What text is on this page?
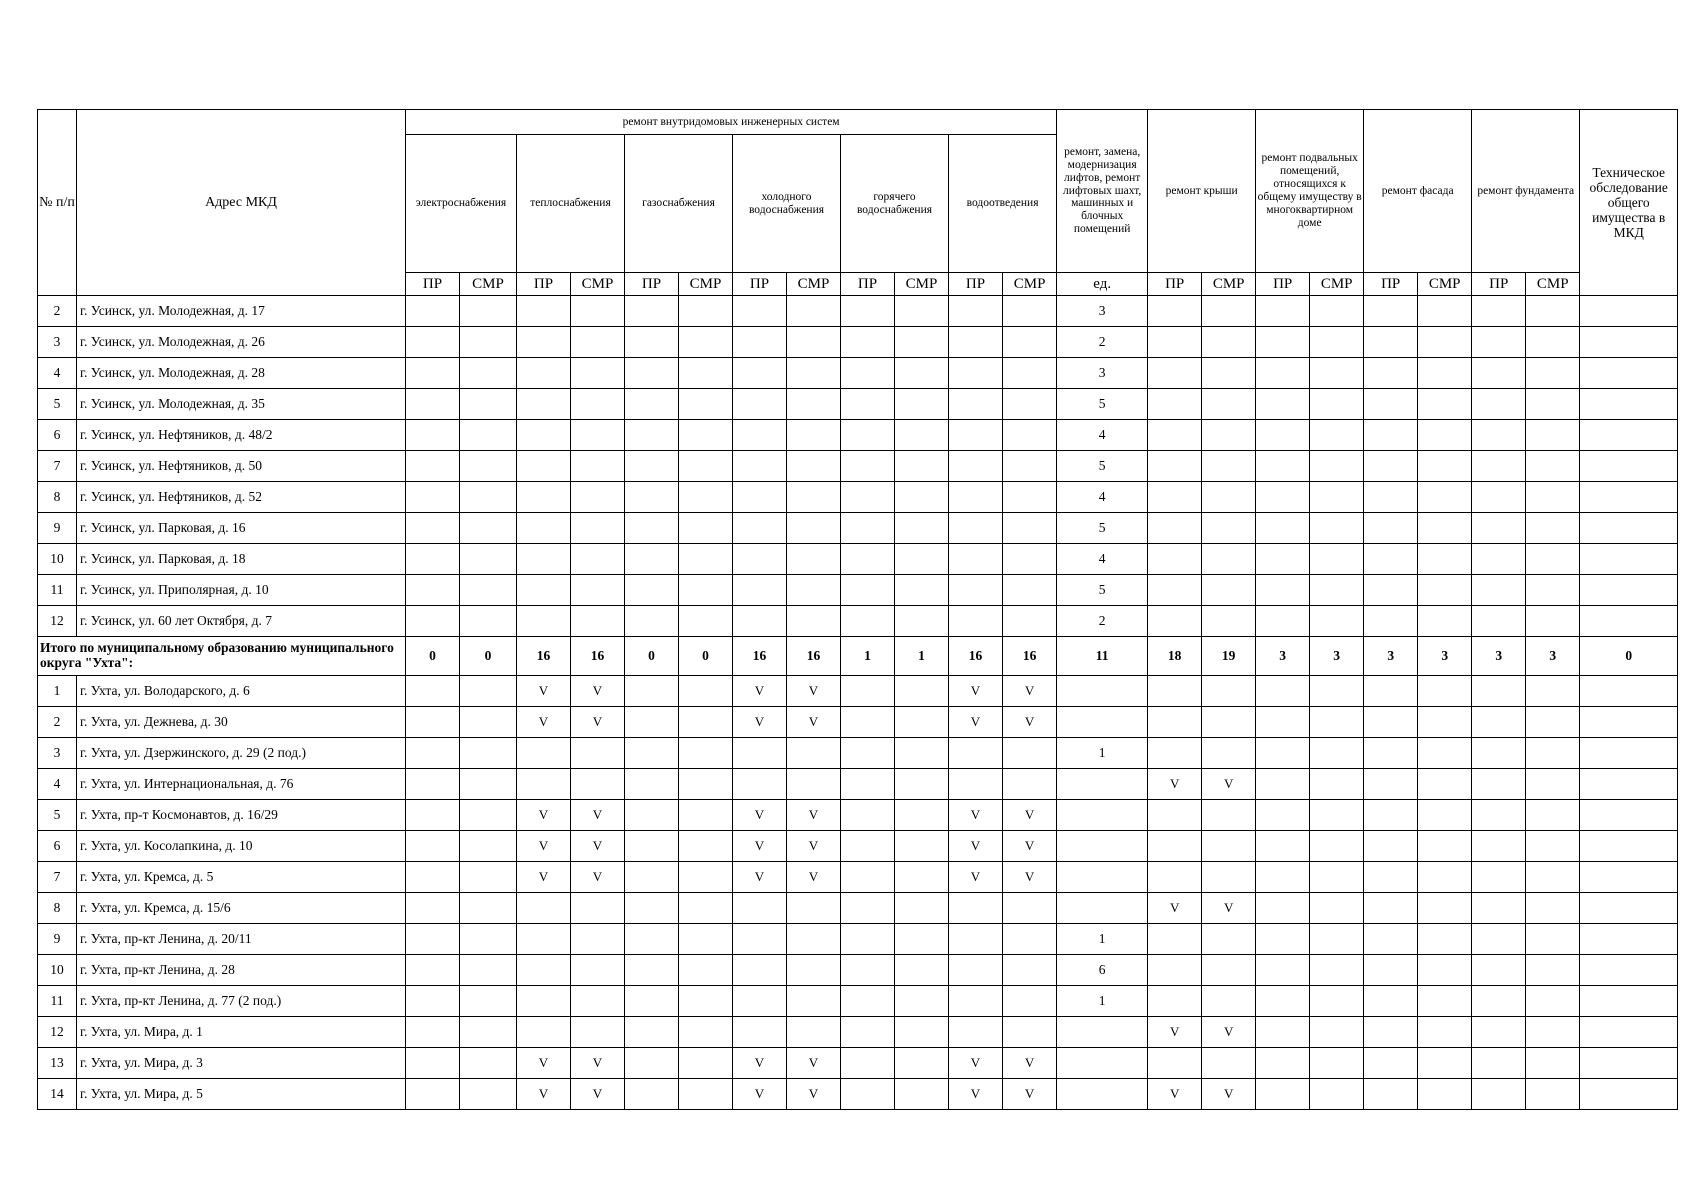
№ п/п	Адрес МКД	ремонт внутридомовых инженерных систем												ремонт, замена, модернизация лифтов, ремонт лифтовых шахт, машинных и блочных помещений	ремонт крыши		ремонт подвальных помещений, относящихся к общему имуществу в многоквартирном доме		ремонт фасада		ремонт фундамента		Техническое обследование общего имущества в МКД
		электроснабжения		теплоснабжения		газоснабжения		холодного водоснабжения		горячего водоснабжения		водоотведения											
		ПР	СМР	ПР	СМР	ПР	СМР	ПР	СМР	ПР	СМР	ПР	СМР	ед.	ПР	СМР	ПР	СМР	ПР	СМР	ПР	СМР	
2	г. Усинск, ул. Молодежная, д. 17													3									
3	г. Усинск, ул. Молодежная, д. 26													2									
4	г. Усинск, ул. Молодежная, д. 28													3									
5	г. Усинск, ул. Молодежная, д. 35													5									
6	г. Усинск, ул. Нефтяников, д. 48/2													4									
7	г. Усинск, ул. Нефтяников, д. 50													5									
8	г. Усинск, ул. Нефтяников, д. 52													4									
9	г. Усинск, ул. Парковая, д. 16													5									
10	г. Усинск, ул. Парковая, д. 18													4									
11	г. Усинск, ул. Приполярная, д. 10													5									
12	г. Усинск, ул. 60 лет Октября, д. 7													2									
Итого по муниципальному образованию муниципального округа "Ухта":		0	0	16	16	0	0	16	16	1	1	16	16	11	18	19	3	3	3	3	3	3	0
1	г. Ухта, ул. Володарского, д. 6			V	V			V	V			V	V										
2	г. Ухта, ул. Дежнева, д. 30			V	V			V	V			V	V										
3	г. Ухта, ул. Дзержинского, д. 29 (2 под.)													1									
4	г. Ухта, ул. Интернациональная, д. 76														V	V							
5	г. Ухта, пр-т Космонавтов, д. 16/29			V	V			V	V			V	V										
6	г. Ухта, ул. Косолапкина, д. 10			V	V			V	V			V	V										
7	г. Ухта, ул. Кремса, д. 5			V	V			V	V			V	V										
8	г. Ухта, ул. Кремса, д. 15/6														V	V							
9	г. Ухта, пр-кт Ленина, д. 20/11													1									
10	г. Ухта, пр-кт Ленина, д. 28													6									
11	г. Ухта, пр-кт Ленина, д. 77 (2 под.)													1									
12	г. Ухта, ул. Мира, д. 1														V	V							
13	г. Ухта, ул. Мира, д. 3			V	V			V	V			V	V										
14	г. Ухта, ул. Мира, д. 5			V	V			V	V			V	V		V	V							
